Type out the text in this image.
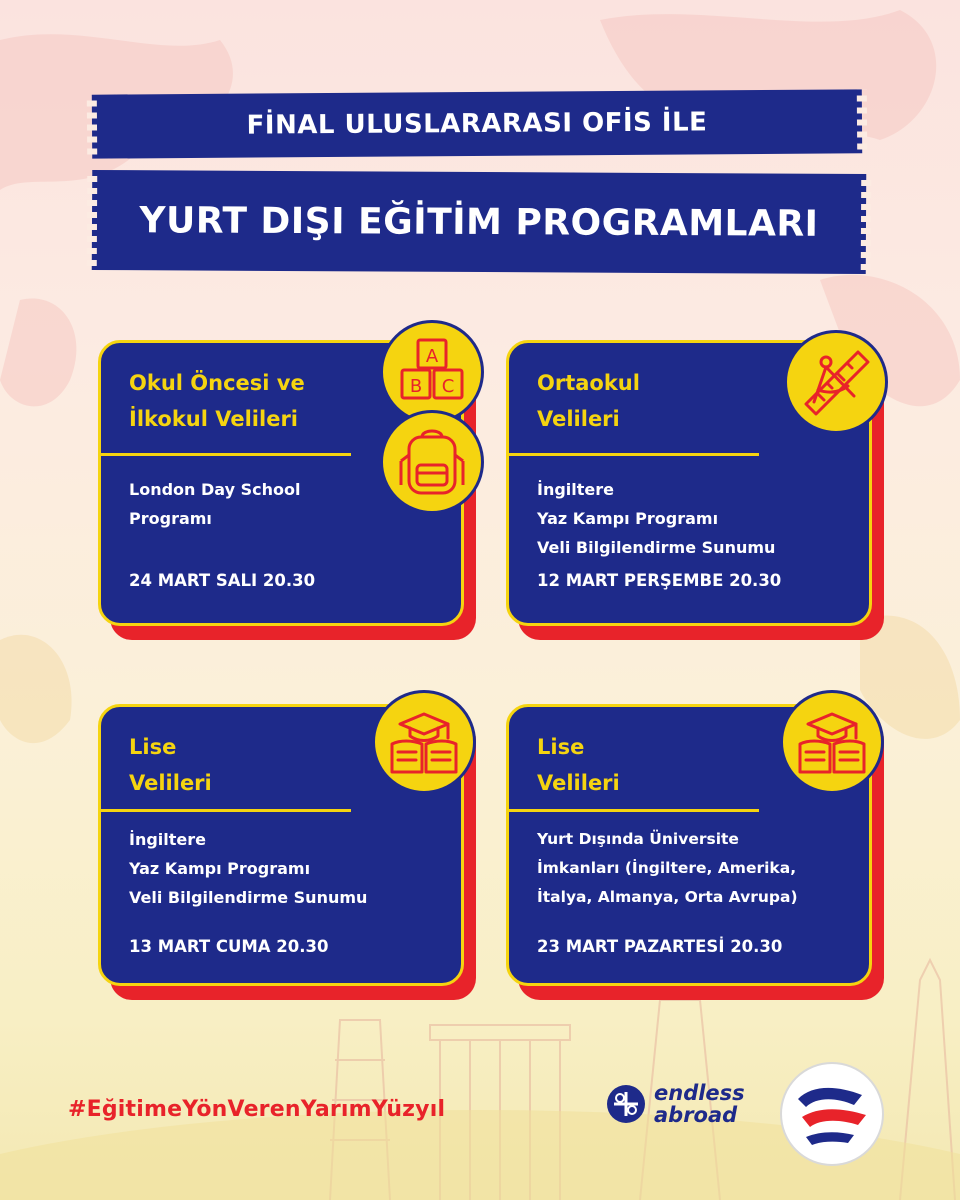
FİNAL ULUSLARARASI OFİS İLE
YURT DIŞI EĞİTİM PROGRAMLARI
Okul Öncesi ve
İlkokul Velileri
London Day School
Programı
24 MART SALI 20.30
A
B C	Ortaokul
Velileri
İngiltere
Yaz Kampı Programı
Veli Bilgilendirme Sunumu
12 MART PERŞEMBE 20.30
Lise
Velileri
İngiltere
Yaz Kampı Programı
Veli Bilgilendirme Sunumu
13 MART CUMA 20.30
Lise
Velileri
Yurt Dışında Üniversite
İmkanları (İngiltere, Amerika,
İtalya, Almanya, Orta Avrupa)
23 MART PAZARTESİ 20.30
#EğitimeYönVerenYarımYüzyıl
endless
abroad
